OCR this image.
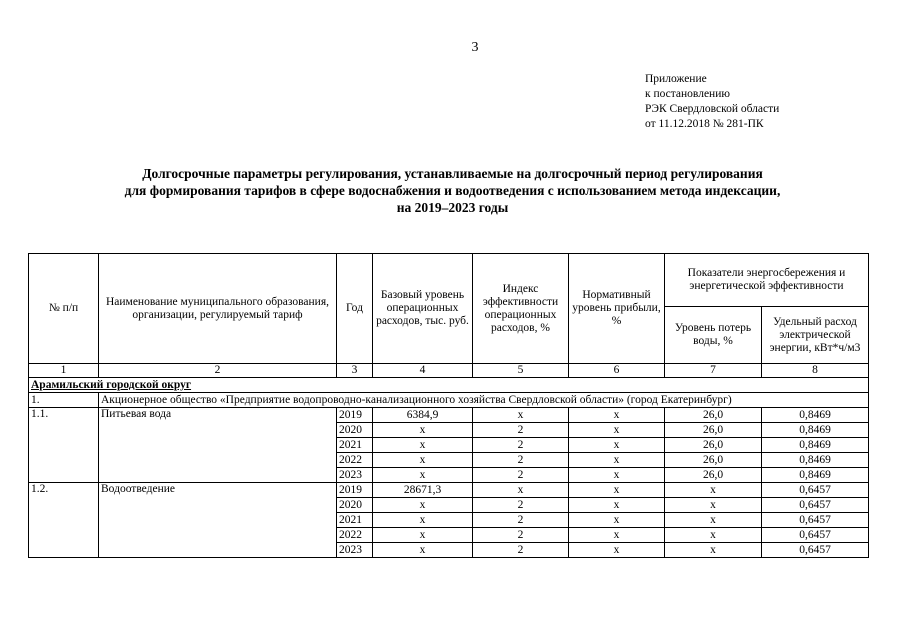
3
Приложение
к постановлению
РЭК Свердловской области
от 11.12.2018 № 281-ПК
Долгосрочные параметры регулирования, устанавливаемые на долгосрочный период регулирования
для формирования тарифов в сфере водоснабжения и водоотведения с использованием метода индексации,
на 2019–2023 годы
№ п/п	Наименование муниципального образования, организации, регулируемый тариф	Год	Базовый уровень операционных расходов, тыс. руб.	Индекс эффективности операционных расходов, %	Нормативный уровень прибыли, %	Показатели энергосбережения и энергетической эффективности	
						Уровень потерь воды, %	Удельный расход электрической энергии, кВт*ч/м3
1	2	3	4	5	6	7	8
Арамильский городской округ							
1.	Акционерное общество «Предприятие водопроводно-канализационного хозяйства Свердловской области» (город Екатеринбург)						
1.1.	Питьевая вода	2019	6384,9	х	х	26,0	0,8469
		2020	х	2	х	26,0	0,8469
		2021	х	2	х	26,0	0,8469
		2022	х	2	х	26,0	0,8469
		2023	х	2	х	26,0	0,8469
1.2.	Водоотведение	2019	28671,3	х	х	х	0,6457
		2020	х	2	х	х	0,6457
		2021	х	2	х	х	0,6457
		2022	х	2	х	х	0,6457
		2023	х	2	х	х	0,6457
